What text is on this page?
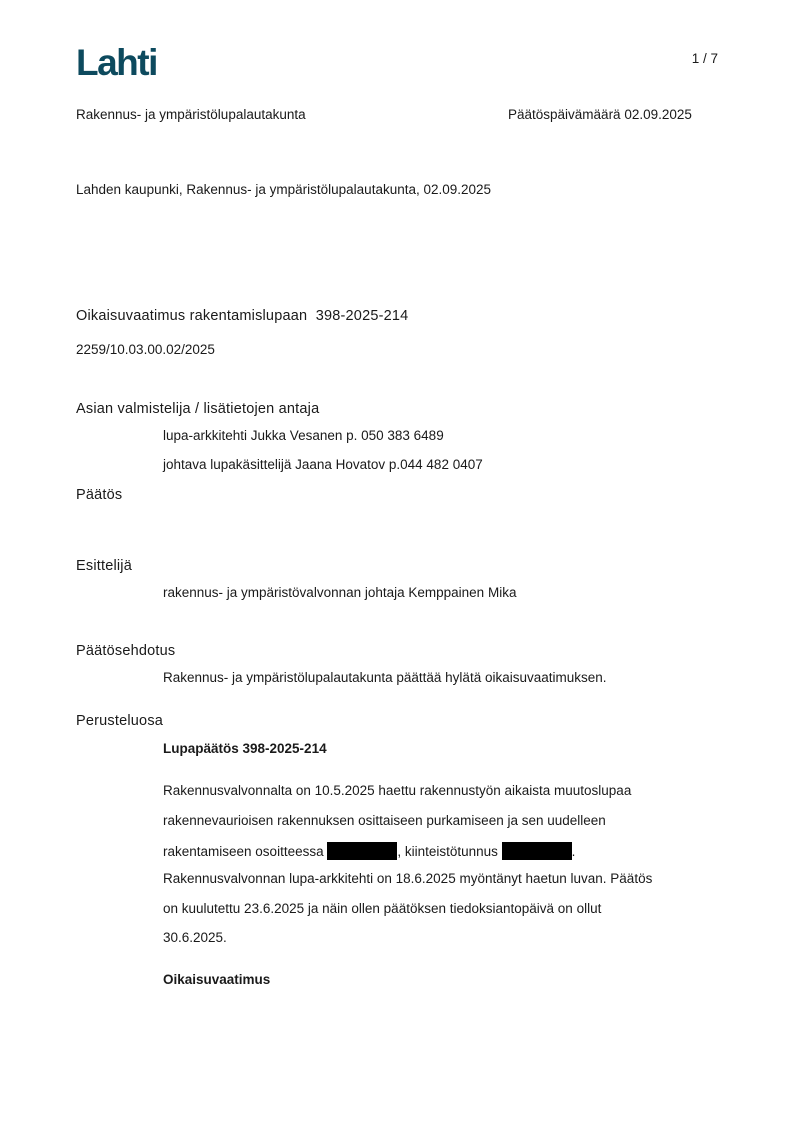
Lahti	1 / 7
Rakennus- ja ympäristölupalautakunta	Päätöspäivämäärä 02.09.2025
Lahden kaupunki, Rakennus- ja ympäristölupalautakunta, 02.09.2025
Oikaisuvaatimus rakentamislupaan  398-2025-214
2259/10.03.00.02/2025
Asian valmistelija / lisätietojen antaja
lupa-arkkitehti Jukka Vesanen p. 050 383 6489
johtava lupakäsittelijä Jaana Hovatov p.044 482 0407
Päätös
Esittelijä
rakennus- ja ympäristövalvonnan johtaja Kemppainen Mika
Päätösehdotus
Rakennus- ja ympäristölupalautakunta päättää hylätä oikaisuvaatimuksen.
Perusteluosa
Lupapäätös 398-2025-214
Rakennusvalvonnalta on 10.5.2025 haettu rakennustyön aikaista muutoslupaa
rakennevaurioisen rakennuksen osittaiseen purkamiseen ja sen uudelleen
rakentamiseen osoitteessa	, kiinteistötunnus	.
Rakennusvalvonnan lupa-arkkitehti on 18.6.2025 myöntänyt haetun luvan. Päätös
on kuulutettu 23.6.2025 ja näin ollen päätöksen tiedoksiantopäivä on ollut
30.6.2025.
Oikaisuvaatimus
